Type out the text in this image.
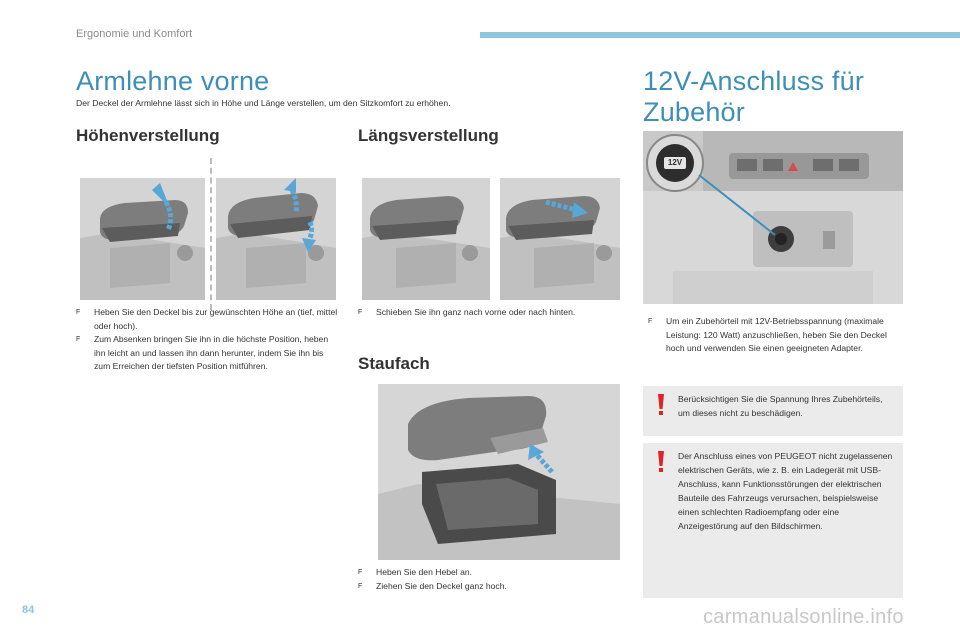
Ergonomie und Komfort
Armlehne vorne

Der Deckel der Armlehne lässt sich in Höhe und Länge verstellen, um den Sitzkomfort zu erhöhen.

Höhenverstellung	Längsverstellung
F Heben Sie den Deckel bis zur gewünschten Höhe an (tief, mittel oder hoch).
F Zum Absenken bringen Sie ihn in die höchste Position, heben ihn leicht an und lassen ihn dann herunter, indem Sie ihn bis zum Erreichen der tiefsten Position mitführen.
F Schieben Sie ihn ganz nach vorne oder nach hinten.
Staufach
F Heben Sie den Hebel an.
F Ziehen Sie den Deckel ganz hoch.
12V-Anschluss für
Zubehör
12V
F Um ein Zubehörteil mit 12V-Betriebsspannung (maximale Leistung: 120 Watt) anzuschließen, heben Sie den Deckel hoch und verwenden Sie einen geeigneten Adapter.
Berücksichtigen Sie die Spannung Ihres Zubehörteils, um dieses nicht zu beschädigen.
Der Anschluss eines von PEUGEOT nicht zugelassenen elektrischen Geräts, wie z. B. ein Ladegerät mit USB-Anschluss, kann Funktionsstörungen der elektrischen Bauteile des Fahrzeugs verursachen, beispielsweise einen schlechten Radioempfang oder eine Anzeigestörung auf den Bildschirmen.
84	carmanualsonline.info
